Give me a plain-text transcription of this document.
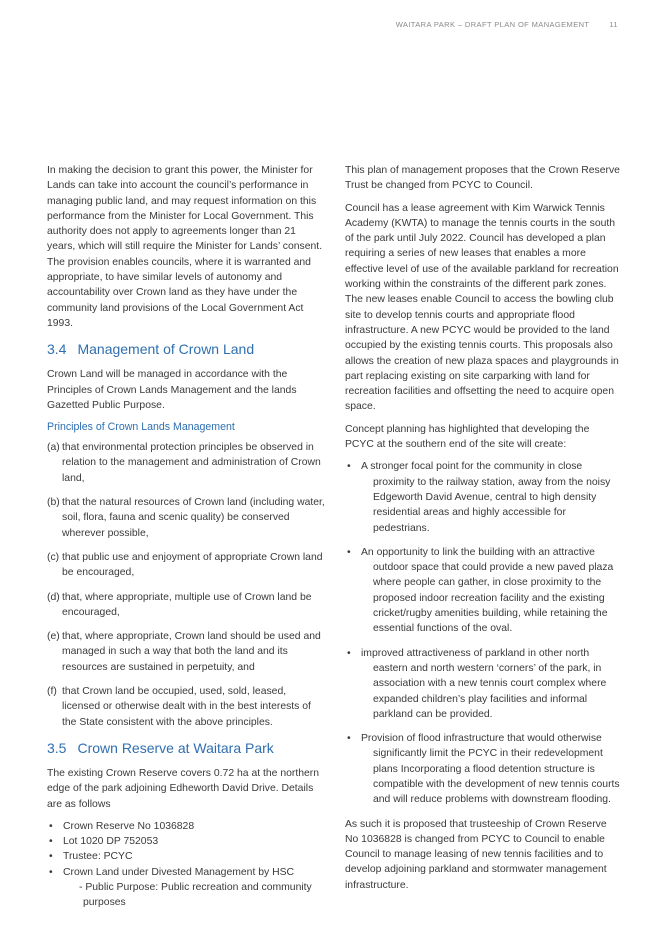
WAITARA PARK – DRAFT PLAN OF MANAGEMENT	11

In making the decision to grant this power, the Minister for Lands can take into account the council’s performance in managing public land, and may request information on this performance from the Minister for Local Government. This authority does not apply to agreements longer than 21 years, which will still require the Minister for Lands’ consent. The provision enables councils, where it is warranted and appropriate, to have similar levels of autonomy and accountability over Crown land as they have under the community land provisions of the Local Government Act 1993.

3.4 Management of Crown Land

Crown Land will be managed in accordance with the Principles of Crown Lands Management and the lands Gazetted Public Purpose.

Principles of Crown Lands Management
(a) that environmental protection principles be observed in relation to the management and administration of Crown land,
(b) that the natural resources of Crown land (including water, soil, flora, fauna and scenic quality) be conserved wherever possible,
(c) that public use and enjoyment of appropriate Crown land be encouraged,
(d) that, where appropriate, multiple use of Crown land be encouraged,
(e) that, where appropriate, Crown land should be used and managed in such a way that both the land and its resources are sustained in perpetuity, and
(f) that Crown land be occupied, used, sold, leased, licensed or otherwise dealt with in the best interests of the State consistent with the above principles.
3.5 Crown Reserve at Waitara Park

The existing Crown Reserve covers 0.72 ha at the northern edge of the park adjoining Edheworth David Drive. Details are as follows

• Crown Reserve No 1036828
• Lot 1020 DP 752053
• Trustee: PCYC
• Crown Land under Divested Management by HSC
- Public Purpose: Public recreation and community purposes

This plan of management proposes that the Crown Reserve Trust be changed from PCYC to Council.

Council has a lease agreement with Kim Warwick Tennis Academy (KWTA) to manage the tennis courts in the south of the park until July 2022. Council has developed a plan requiring a series of new leases that enables a more effective level of use of the available parkland for recreation working within the constraints of the different park zones. The new leases enable Council to access the bowling club site to develop tennis courts and appropriate flood infrastructure. A new PCYC would be provided to the land occupied by the existing tennis courts. This proposals also allows the creation of new plaza spaces and playgrounds in part replacing existing on site carparking with land for recreation facilities and offsetting the need to acquire open space.

Concept planning has highlighted that developing the PCYC at the southern end of the site will create:

• A stronger focal point for the community in close proximity to the railway station, away from the noisy Edgeworth David Avenue, central to high density residential areas and highly accessible for pedestrians.
• An opportunity to link the building with an attractive outdoor space that could provide a new paved plaza where people can gather, in close proximity to the proposed indoor recreation facility and the existing cricket/rugby amenities building, while retaining the essential functions of the oval.
• improved attractiveness of parkland in other north eastern and north western ‘corners’ of the park, in association with a new tennis court complex where expanded children’s play facilities and informal parkland can be provided.
• Provision of flood infrastructure that would otherwise significantly limit the PCYC in their redevelopment plans Incorporating a flood detention structure is compatible with the development of new tennis courts and will reduce problems with downstream flooding.

As such it is proposed that trusteeship of Crown Reserve No 1036828 is changed from PCYC to Council to enable Council to manage leasing of new tennis facilities and to develop adjoining parkland and stormwater management infrastructure.
